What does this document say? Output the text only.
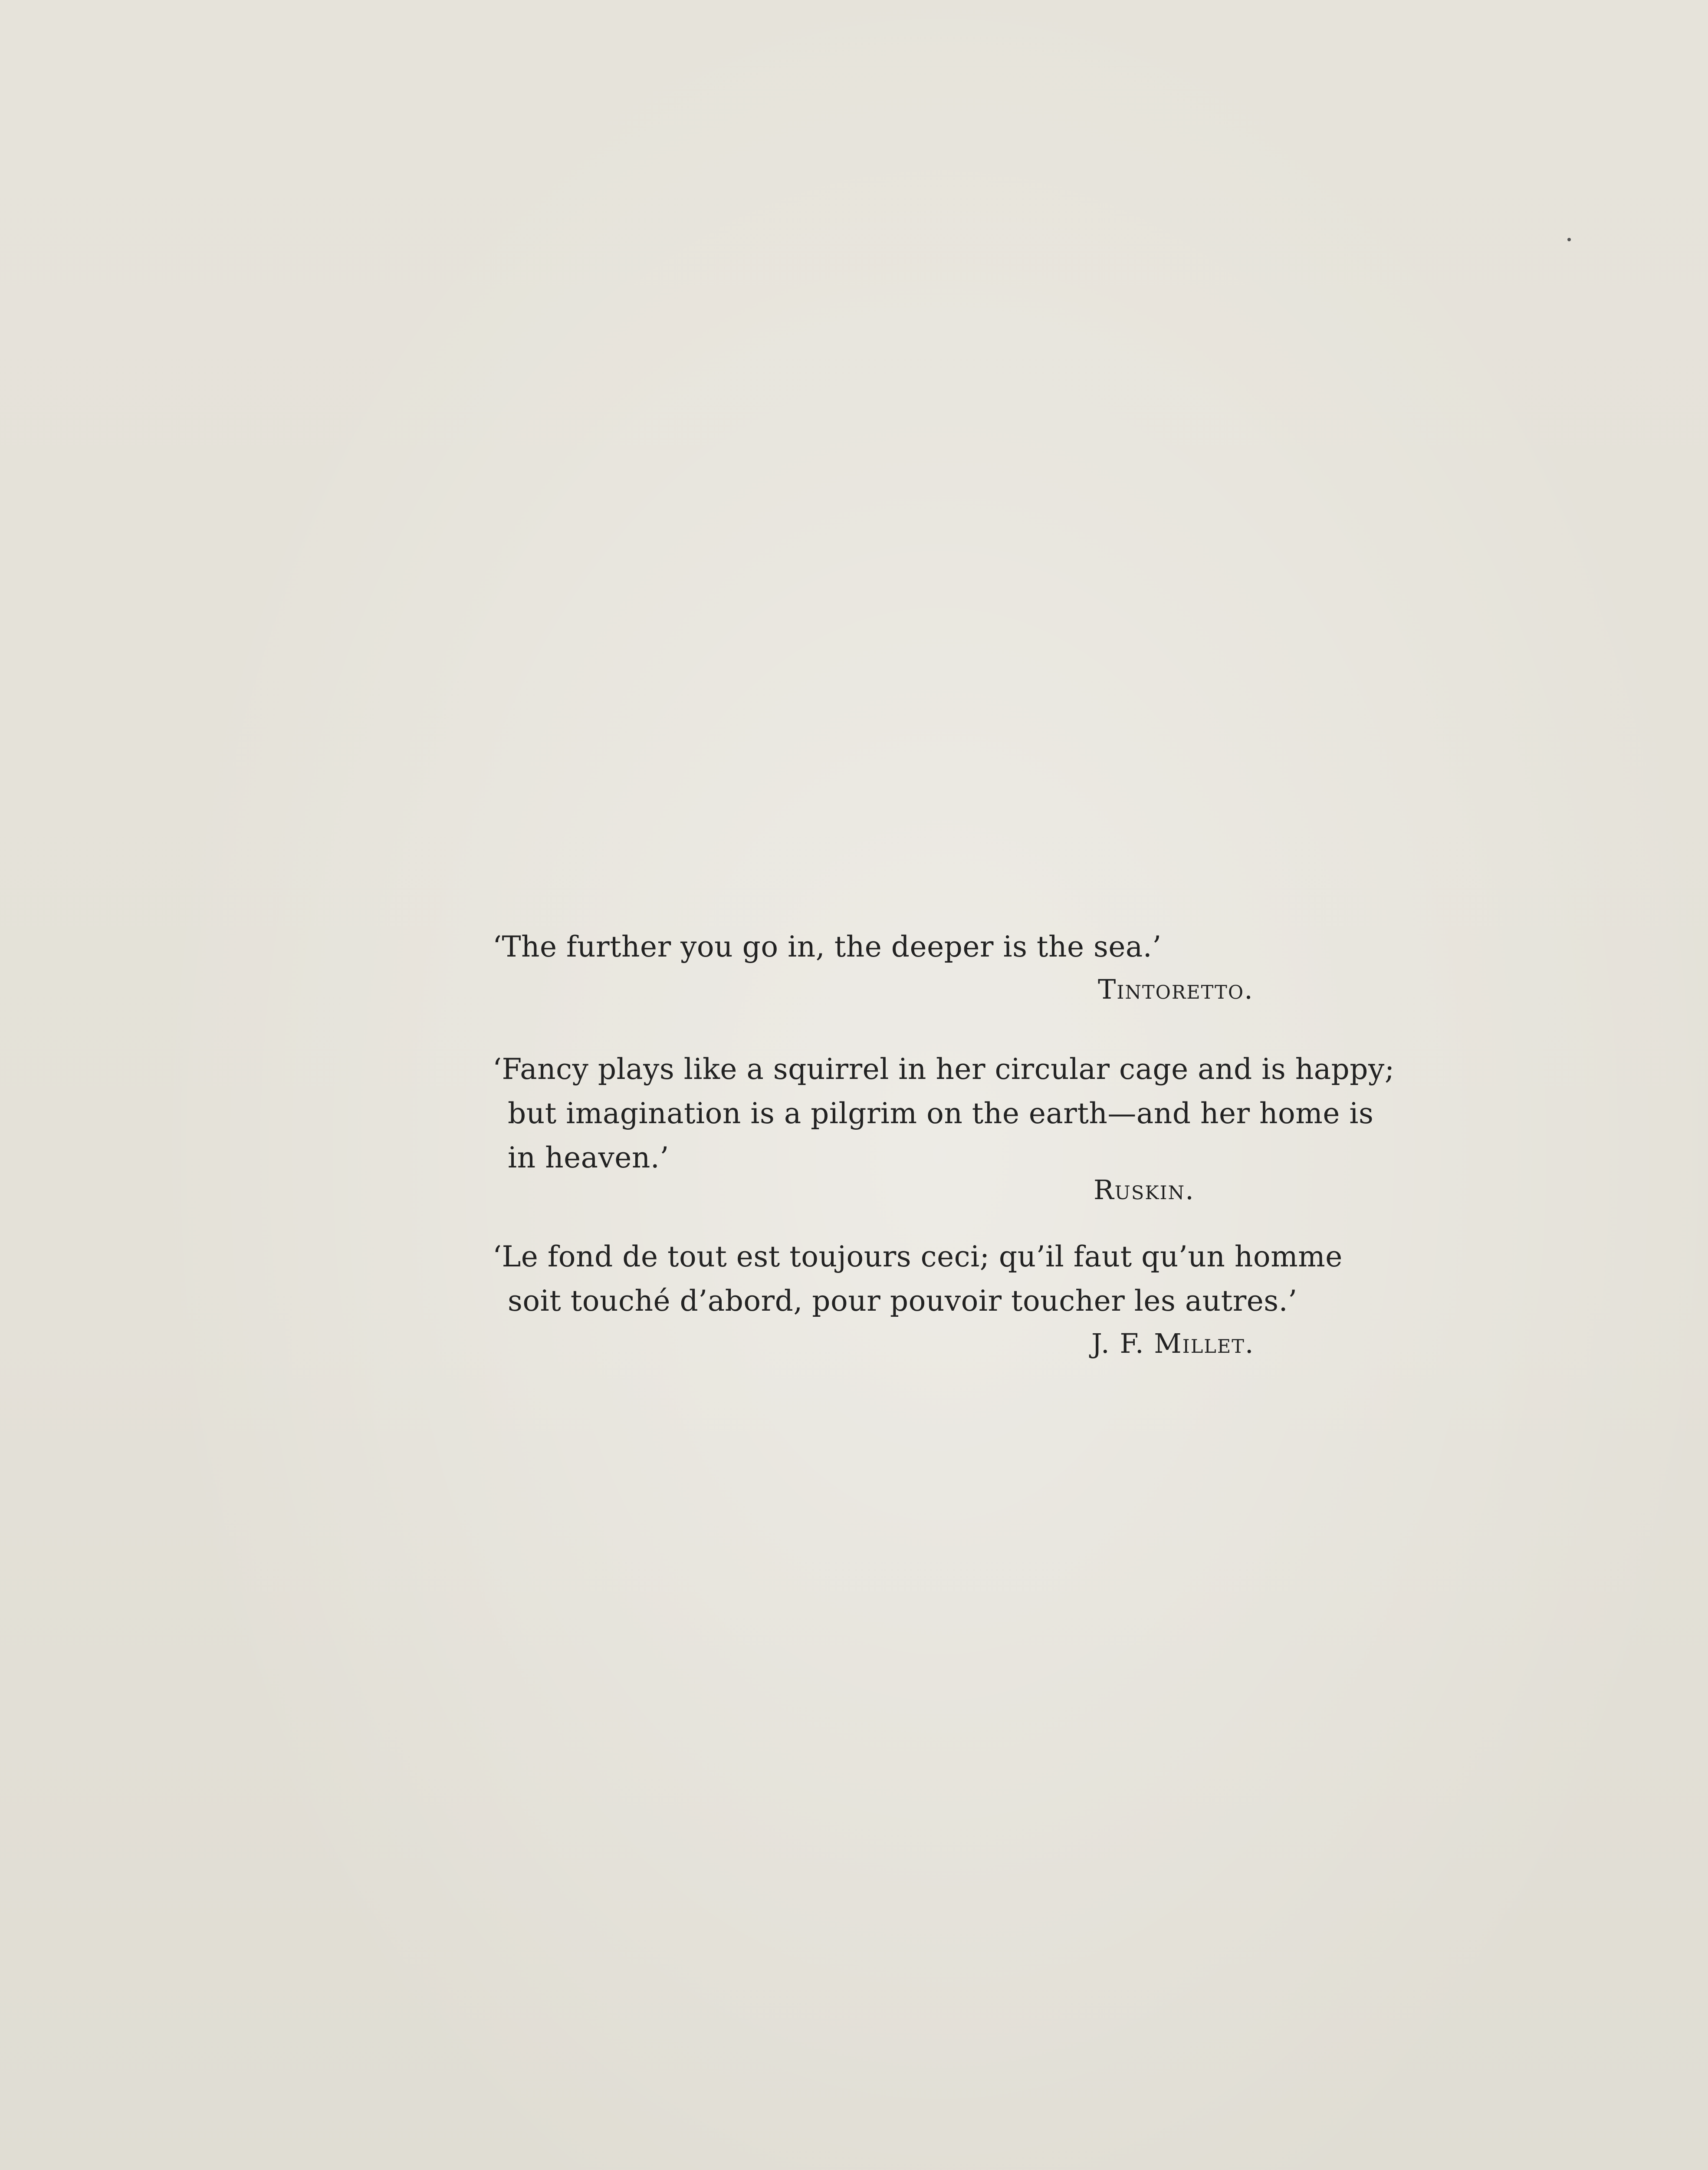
‘The further you go in, the deeper is the sea.’
Tintoretto.
‘Fancy plays like a squirrel in her circular cage and is happy;
but imagination is a pilgrim on the earth—and her home is
in heaven.’
Ruskin.
‘Le fond de tout est toujours ceci; qu’il faut qu’un homme
soit touché d’abord, pour pouvoir toucher les autres.’
J. F. Millet.
